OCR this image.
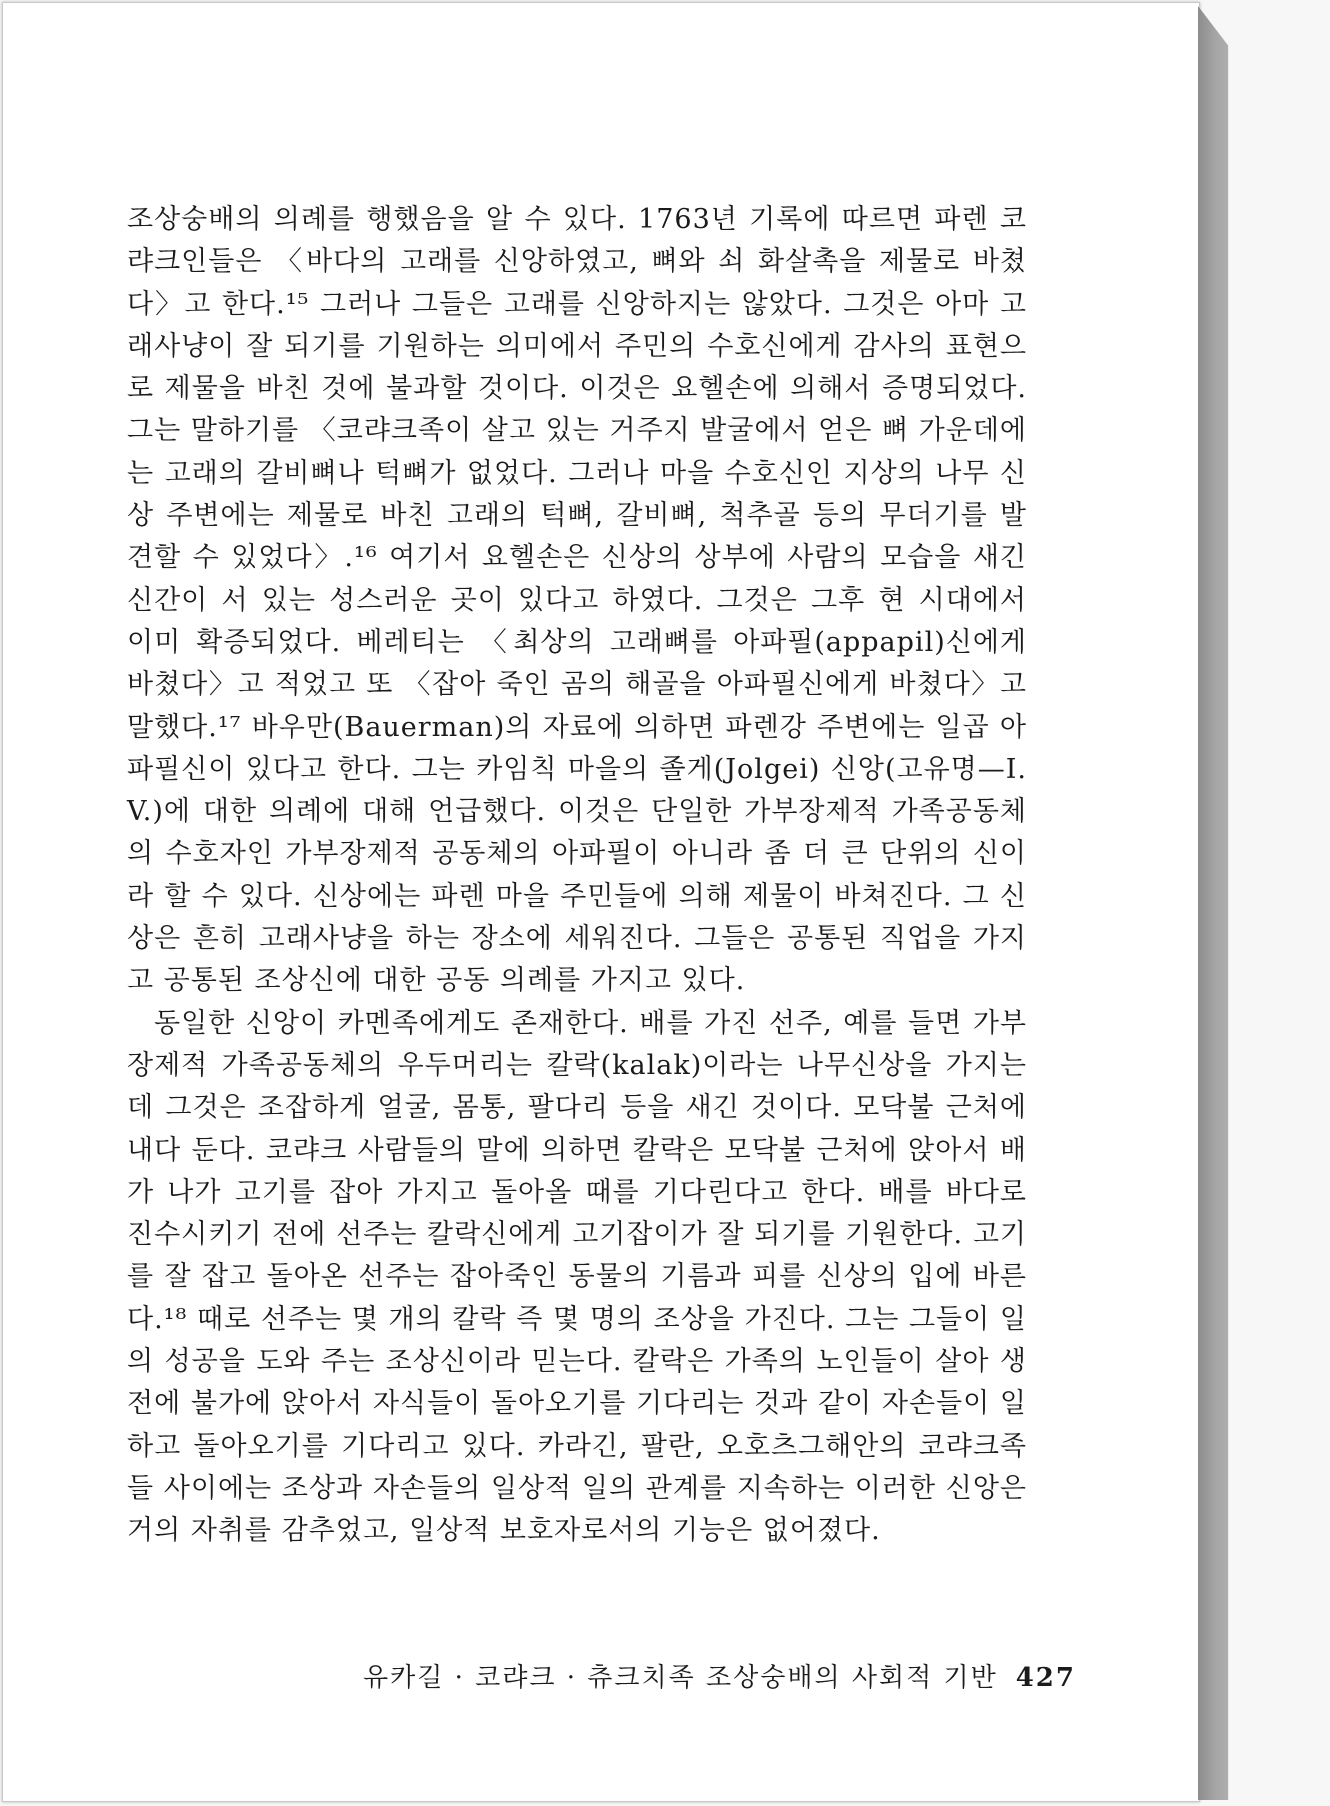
조상숭배의 의례를 행했음을 알 수 있다. 1763년 기록에 따르면 파렌 코랴크인들은 〈바다의 고래를 신앙하였고, 뼈와 쇠 화살촉을 제물로 바쳤다〉고 한다.¹⁵ 그러나 그들은 고래를 신앙하지는 않았다. 그것은 아마 고래사냥이 잘 되기를 기원하는 의미에서 주민의 수호신에게 감사의 표현으로 제물을 바친 것에 불과할 것이다. 이것은 요헬손에 의해서 증명되었다. 그는 말하기를 〈코랴크족이 살고 있는 거주지 발굴에서 얻은 뼈 가운데에는 고래의 갈비뼈나 턱뼈가 없었다. 그러나 마을 수호신인 지상의 나무 신상 주변에는 제물로 바친 고래의 턱뼈, 갈비뼈, 척추골 등의 무더기를 발견할 수 있었다〉.¹⁶ 여기서 요헬손은 신상의 상부에 사람의 모습을 새긴 신간이 서 있는 성스러운 곳이 있다고 하였다. 그것은 그후 현 시대에서 이미 확증되었다. 베레티는 〈최상의 고래뼈를 아파필(appapil)신에게 바쳤다〉고 적었고 또 〈잡아 죽인 곰의 해골을 아파필신에게 바쳤다〉고 말했다.¹⁷ 바우만(Bauerman)의 자료에 의하면 파렌강 주변에는 일곱 아파필신이 있다고 한다. 그는 카임칙 마을의 졸게(Jolgei) 신앙(고유명—I. V.)에 대한 의례에 대해 언급했다. 이것은 단일한 가부장제적 가족공동체의 수호자인 가부장제적 공동체의 아파필이 아니라 좀 더 큰 단위의 신이라 할 수 있다. 신상에는 파렌 마을 주민들에 의해 제물이 바쳐진다. 그 신상은 흔히 고래사냥을 하는 장소에 세워진다. 그들은 공통된 직업을 가지고 공통된 조상신에 대한 공동 의례를 가지고 있다.

동일한 신앙이 카멘족에게도 존재한다. 배를 가진 선주, 예를 들면 가부장제적 가족공동체의 우두머리는 칼락(kalak)이라는 나무신상을 가지는데 그것은 조잡하게 얼굴, 몸통, 팔다리 등을 새긴 것이다. 모닥불 근처에 내다 둔다. 코랴크 사람들의 말에 의하면 칼락은 모닥불 근처에 앉아서 배가 나가 고기를 잡아 가지고 돌아올 때를 기다린다고 한다. 배를 바다로 진수시키기 전에 선주는 칼락신에게 고기잡이가 잘 되기를 기원한다. 고기를 잘 잡고 돌아온 선주는 잡아죽인 동물의 기름과 피를 신상의 입에 바른다.¹⁸ 때로 선주는 몇 개의 칼락 즉 몇 명의 조상을 가진다. 그는 그들이 일의 성공을 도와 주는 조상신이라 믿는다. 칼락은 가족의 노인들이 살아 생전에 불가에 앉아서 자식들이 돌아오기를 기다리는 것과 같이 자손들이 일하고 돌아오기를 기다리고 있다. 카라긴, 팔란, 오호츠그해안의 코랴크족들 사이에는 조상과 자손들의 일상적 일의 관계를 지속하는 이러한 신앙은 거의 자취를 감추었고, 일상적 보호자로서의 기능은 없어졌다.

유카길 · 코랴크 · 츄크치족 조상숭배의 사회적 기반 427
